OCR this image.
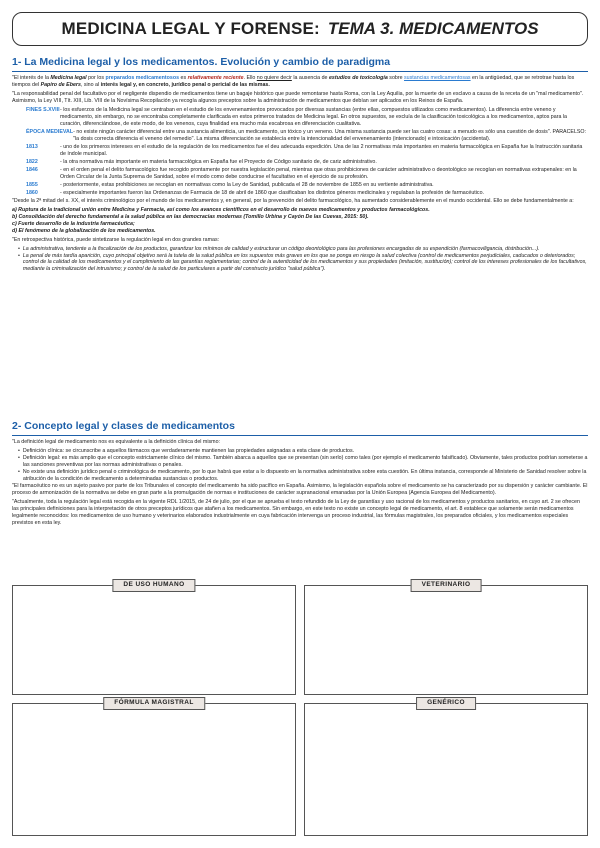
MEDICINA LEGAL Y FORENSE: TEMA 3. MEDICAMENTOS
1- La Medicina legal y los medicamentos. Evolución y cambio de paradigma

"El interés de la Medicina legal por los preparados medicamentosos es relativamente reciente. Ello no quiere decir la ausencia de estudios de toxicología sobre sustancias medicamentosas en la antigüedad, que se retrotrae hasta los tiempos del Papiro de Ebers, sino al interés legal y, en concreto, jurídico penal o pericial de las mismas.

"La responsabilidad penal del facultativo por el negligente dispendio de medicamentos tiene un bagaje histórico que puede remontarse hasta Roma, con la Ley Aquilia, por la muerte de un esclavo a causa de la receta de un "mal medicamento". Asimismo, la Ley VIII, Tít. XIII, Lib. VIII de la Novísima Recopilación ya recogía algunos preceptos sobre la administración de medicamentos que debían ser aplicados en los Reinos de España.

FINES S.XVIII - los esfuerzos de la Medicina legal se centraban en el estudio de los envenenamientos provocados por diversas sustancias (entre ellas, compuestos utilizados como medicamentos). La diferencia entre veneno y medicamento, sin embargo, no se encontraba completamente clarificada en estos primeros tratados de Medicina legal. En otros supuestos, se excluía de la clasificación toxicológica a los medicamentos, aptos para la curación, diferenciándose, de este modo, de los venenos, cuya finalidad era mucho más escabrosa en diferenciación cualitativa.
ÉPOCA MEDIEVAL - no existe ningún carácter diferencial entre una sustancia alimenticia, un medicamento, un tóxico y un veneno. Una misma sustancia puede ser las cuatro cosas: a menudo es sólo una cuestión de dosis". PARACELSO: "la dosis correcta diferencia el veneno del remedio". La misma diferenciación se establecía entre la intencionalidad del envenenamiento (intencionado) e intoxicación (accidental).
1813	- uno de los primeros intereses en el estudio de la regulación de los medicamentos fue el deu adecuada expedición. Una de las 2 normativas más importantes en materia farmacológica en España fue la Instrucción sanitaria de índole municipal.
1822	- la otra normativa más importante en materia farmacológica en España fue el Proyecto de Código sanitario de, de cariz administrativo.
1846	- en el orden penal el delito farmacológico fue recogido prontamente por nuestra legislación penal, mientras que otras prohibiciones de carácter administrativo o deontológico se recogían en normativas extrapenales: en la Orden Circular de la Junta Suprema de Sanidad, sobre el modo como debe conducirse el facultativo en el ejercicio de su profesión.
1855	- posteriormente, estas prohibiciones se recogían en normativas como la Ley de Sanidad, publicada el 28 de noviembre de 1855 en su vertiente administrativa.
1860	- especialmente importantes fueron las Ordenanzas de Farmacia de 18 de abril de 1860 que clasificaban los distintos géneros medicinales y regulaban la profesión de farmacéutico.

"Desde la 2ª mitad del s. XX, el interés criminológico por el mundo de los medicamentos y, en general, por la prevención del delito farmacológico, ha aumentado considerablemente en el mundo occidental. Ello se debe fundamentalmente a:

a) Ruptura de la tradicional unión entre Medicina y Farmacia, así como los avances científicos en el desarrollo de nuevos medicamentos y productos farmacológicos.
b) Consolidación del derecho fundamental a la salud pública en las democracias modernas (Tomillo Urbina y Cayón De las Cuevas, 2015: 50).
c) Fuerte desarrollo de la industria farmacéutica;
d) El fenómeno de la globalización de los medicamentos.

"En retrospectiva histórica, puede sintetizarse la regulación legal en dos grandes ramas:

• La administrativa, tendente a la fiscalización de los productos, garantizar los mínimos de calidad y estructurar un código deontológico para las profesiones encargadas de su expendición (farmacoviligancia, distribución...).
• La penal de más tardía aparición, cuyo principal objetivo será la tutela de la salud pública en los supuestos más graves en los que se ponga en riesgo la salud colectiva (control de medicamentos perjudiciales, caducados o deteriorados; control de la calidad de los medicamentos y el cumplimiento de las garantías reglamentarias; control de la autenticidad de los medicamentos y sus propiedades (imitación, sustitución); control de los intereses profesionales de los facultativos, mediante la criminalización del intrusismo; y control de la salud de los particulares a partir del constructo jurídico "salud pública").
2- Concepto legal y clases de medicamentos

"La definición legal de medicamento nos es equivalente a la definición clínica del mismo:

• Definición clínica: se circunscribe a aquellos fármacos que verdaderamente mantienen las propiedades asignadas a esta clase de productos.
• Definición legal: es más amplio que el concepto estrictamente clínico del mismo. También abarca a aquellos que se presentan (sin serlo) como tales (por ejemplo el medicamento falsificado). Obviamente, tales productos podrían someterse a las sanciones preventivas por las normas administrativas o penales.
• No existe una definición jurídico penal o criminológica de medicamento, por lo que habrá que estar a lo dispuesto en la normativa administrativa sobre esta cuestión. En última instancia, corresponde al Ministerio de Sanidad resolver sobre la atribución de la condición de medicamento a determinadas sustancias o productos.

"El farmacéutico no es un sujeto pasivo por parte de los Tribunales el concepto del medicamento ha sido pacífico en España. Asimismo, la legislación española sobre el medicamento se ha caracterizado por su dispersión y carácter cambiante. El proceso de armonización de la normativa se debe en gran parte a la promulgación de normas e instituciones de carácter supranacional emanadas por la Unión Europea (Agencia Europea del Medicamento).

"Actualmente, toda la regulación legal está recogida en la vigente RDL 1/2015, de 24 de julio, por el que se aprueba el texto refundido de la Ley de garantías y uso racional de los medicamentos y productos sanitarios, en cuyo art. 2 se ofrecen las principales definiciones para la interpretación de otros preceptos jurídicos que atañen a los medicamentos. Sin embargo, en este texto no existe un concepto legal de medicamento, el art. 8 establece que solamente serán medicamentos legalmente reconocidos: los medicamentos de uso humano y veterinarios elaborados industrialmente en cuya fabricación intervenga un proceso industrial, las fórmulas magistrales, los preparados oficiales, y los medicamentos especiales previstos en esta ley.

DE USO HUMANO	VETERINARIO
FÓRMULA MAGISTRAL	GENÉRICO
